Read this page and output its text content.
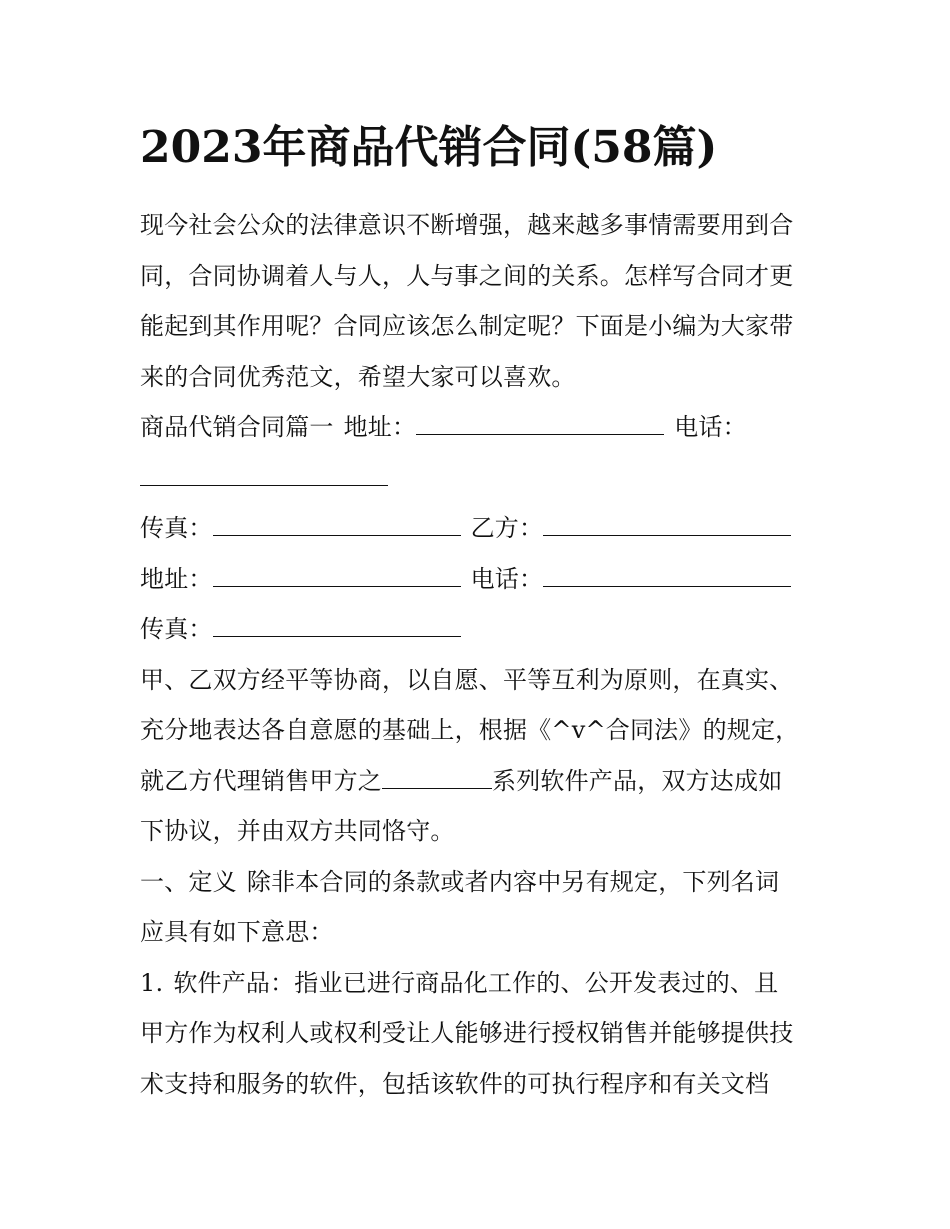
2023年商品代销合同(58篇)
现今社会公众的法律意识不断增强，越来越多事情需要用到合
同，合同协调着人与人，人与事之间的关系。怎样写合同才更
能起到其作用呢？合同应该怎么制定呢？下面是小编为大家带
来的合同优秀范文，希望大家可以喜欢。
商品代销合同篇一 地址：	电话：
传真：	乙方：
地址：	电话：
传真：
甲、乙双方经平等协商，以自愿、平等互利为原则，在真实、
充分地表达各自意愿的基础上，根据《^v^合同法》的规定，
就乙方代理销售甲方之	系列软件产品，双方达成如
下协议，并由双方共同恪守。
一、定义 除非本合同的条款或者内容中另有规定，下列名词
应具有如下意思：
1. 软件产品：指业已进行商品化工作的、公开发表过的、且
甲方作为权利人或权利受让人能够进行授权销售并能够提供技
术支持和服务的软件，包括该软件的可执行程序和有关文档
